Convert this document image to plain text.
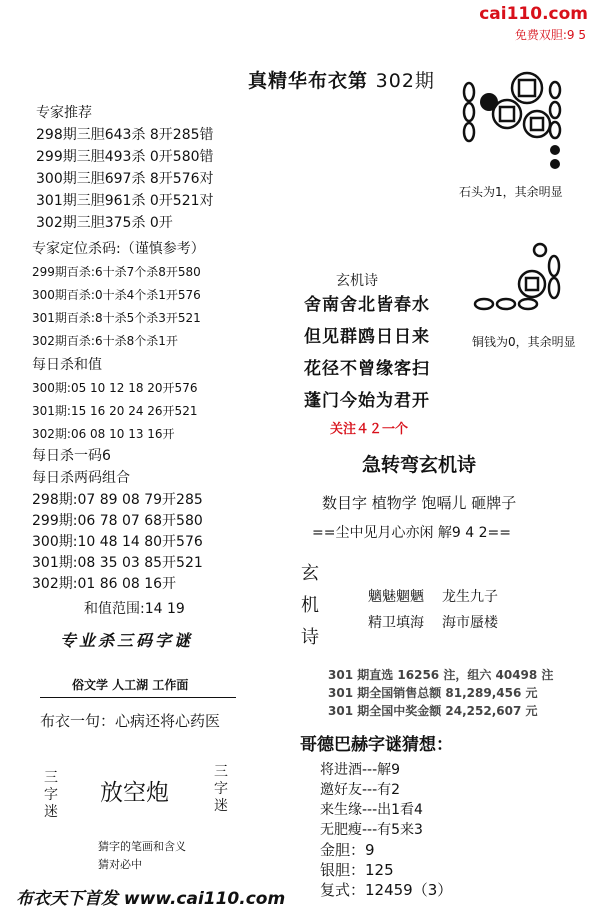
cai110.com
免费双胆:9 5
真精华布衣第 302期
专家推荐
298期三胆643杀 8开285错
299期三胆493杀 0开580错
300期三胆697杀 8开576对
301期三胆961杀 0开521对
302期三胆375杀 0开
专家定位杀码:（谨慎参考）
299期百杀:6十杀7个杀8开580
300期百杀:0十杀4个杀1开576
301期百杀:8十杀5个杀3开521
302期百杀:6十杀8个杀1开
每日杀和值
300期:05 10 12 18 20开576
301期:15 16 20 24 26开521
302期:06 08 10 13 16开
每日杀一码6
每日杀两码组合
298期:07 89 08 79开285
299期:06 78 07 68开580
300期:10 48 14 80开576
301期:08 35 03 85开521
302期:01 86 08 16开
和值范围:14 19
专业杀三码字谜
俗文学 人工湖 工作面
布衣一句：心病还将心药医
三字迷
放空炮
三字迷
猜字的笔画和含义
猜对必中
布衣天下首发 www.cai110.com
石头为1，其余明显
铜钱为0，其余明显
玄机诗
舍南舍北皆春水
但见群鸥日日来
花径不曾缘客扫
蓬门今始为君开
关注４２一个
急转弯玄机诗
数目字 植物学 饱嗝儿 砸牌子
==尘中见月心亦闲 解9 4 2==
玄
机
诗
魑魅魍魉 龙生九子
精卫填海 海市蜃楼
301 期直选 16256 注，组六 40498 注
301 期全国销售总额 81,289,456 元
301 期全国中奖金额 24,252,607 元
哥德巴赫字谜猜想：
将进酒---解9
邀好友---有2
来生缘---出1看4
无肥瘦---有5来3
金胆：9
银胆：125
复式：12459（3）
